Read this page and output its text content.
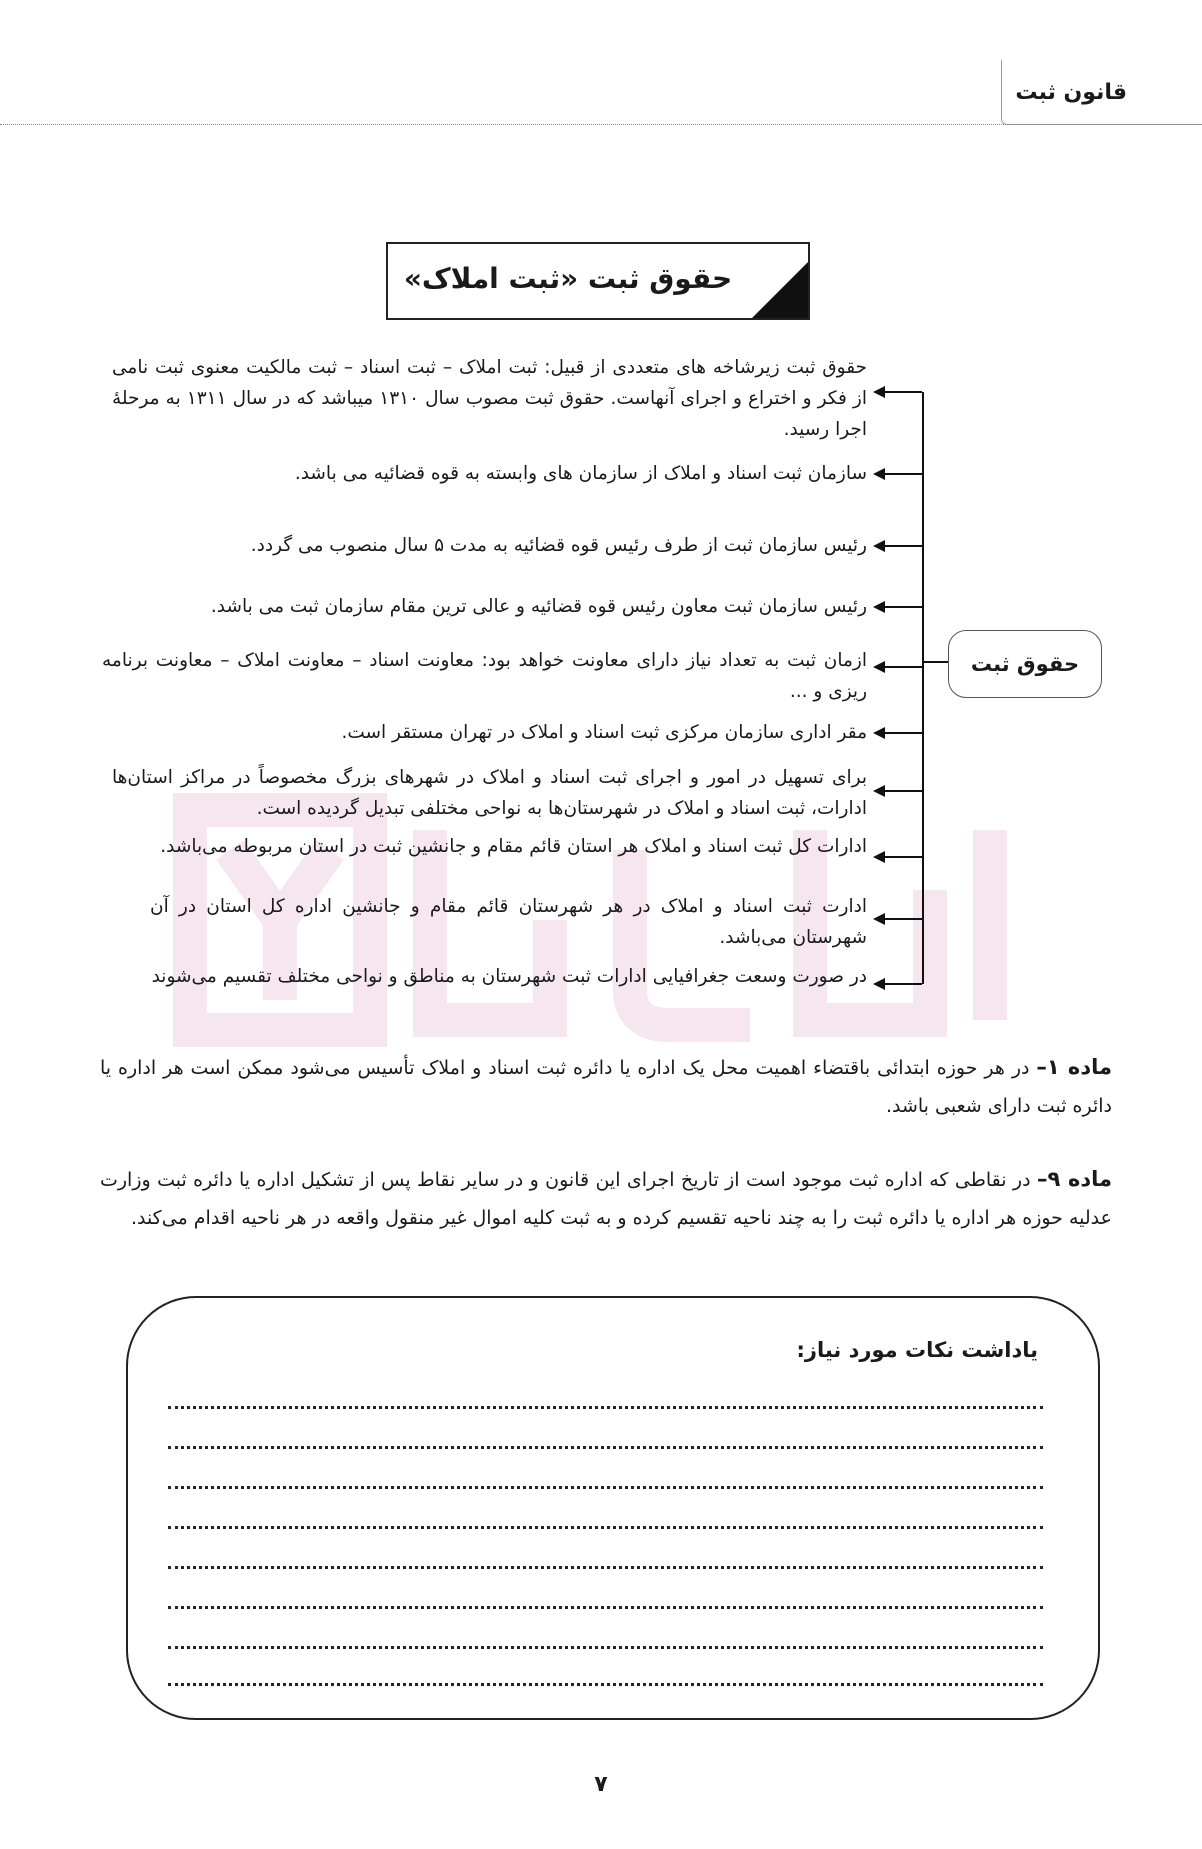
قانون ثبت
حقوق ثبت «ثبت املاک»
حقوق ثبت
حقوق ثبت زیرشاخه های متعددی از قبیل: ثبت املاک – ثبت اسناد – ثبت مالکیت معنوی ثبت نامی از فکر و اختراع و اجرای آنهاست. حقوق ثبت مصوب سال ۱۳۱۰ میباشد که در سال ۱۳۱۱ به مرحلهٔ اجرا رسید.
سازمان ثبت اسناد و املاک از سازمان های وابسته به قوه قضائیه می باشد.
رئیس سازمان ثبت از طرف رئیس قوه قضائیه به مدت ۵ سال منصوب می گردد.
رئیس سازمان ثبت معاون رئیس قوه قضائیه و عالی ترین مقام سازمان ثبت می باشد.
ازمان ثبت به تعداد نیاز دارای معاونت خواهد بود: معاونت اسناد – معاونت املاک – معاونت برنامه ریزی و ...
مقر اداری سازمان مرکزی ثبت اسناد و املاک در تهران مستقر است.
برای تسهیل در امور و اجرای ثبت اسناد و املاک در شهرهای بزرگ مخصوصاً در مراکز استان‌ها ادارات، ثبت اسناد و املاک در شهرستان‌ها به نواحی مختلفی تبدیل گردیده است.
ادارات کل ثبت اسناد و املاک هر استان قائم مقام و جانشین ثبت در استان مربوطه می‌باشد.
ادارت ثبت اسناد و املاک در هر شهرستان قائم مقام و جانشین اداره کل استان در آن شهرستان می‌باشد.
در صورت وسعت جغرافیایی ادارات ثبت شهرستان به مناطق و نواحی مختلف تقسیم می‌شوند
ماده ۱– در هر حوزه ابتدائی باقتضاء اهمیت محل یک اداره یا دائره ثبت اسناد و املاک تأسیس می‌شود ممکن است هر اداره یا دائره ثبت دارای شعبی باشد.
ماده ۹– در نقاطی که اداره ثبت موجود است از تاریخ اجرای این قانون و در سایر نقاط پس از تشکیل اداره یا دائره ثبت وزارت عدلیه حوزه هر اداره یا دائره ثبت را به چند ناحیه تقسیم کرده و به ثبت کلیه اموال غیر منقول واقعه در هر ناحیه اقدام می‌کند.
یاداشت نکات مورد نیاز:
۷
